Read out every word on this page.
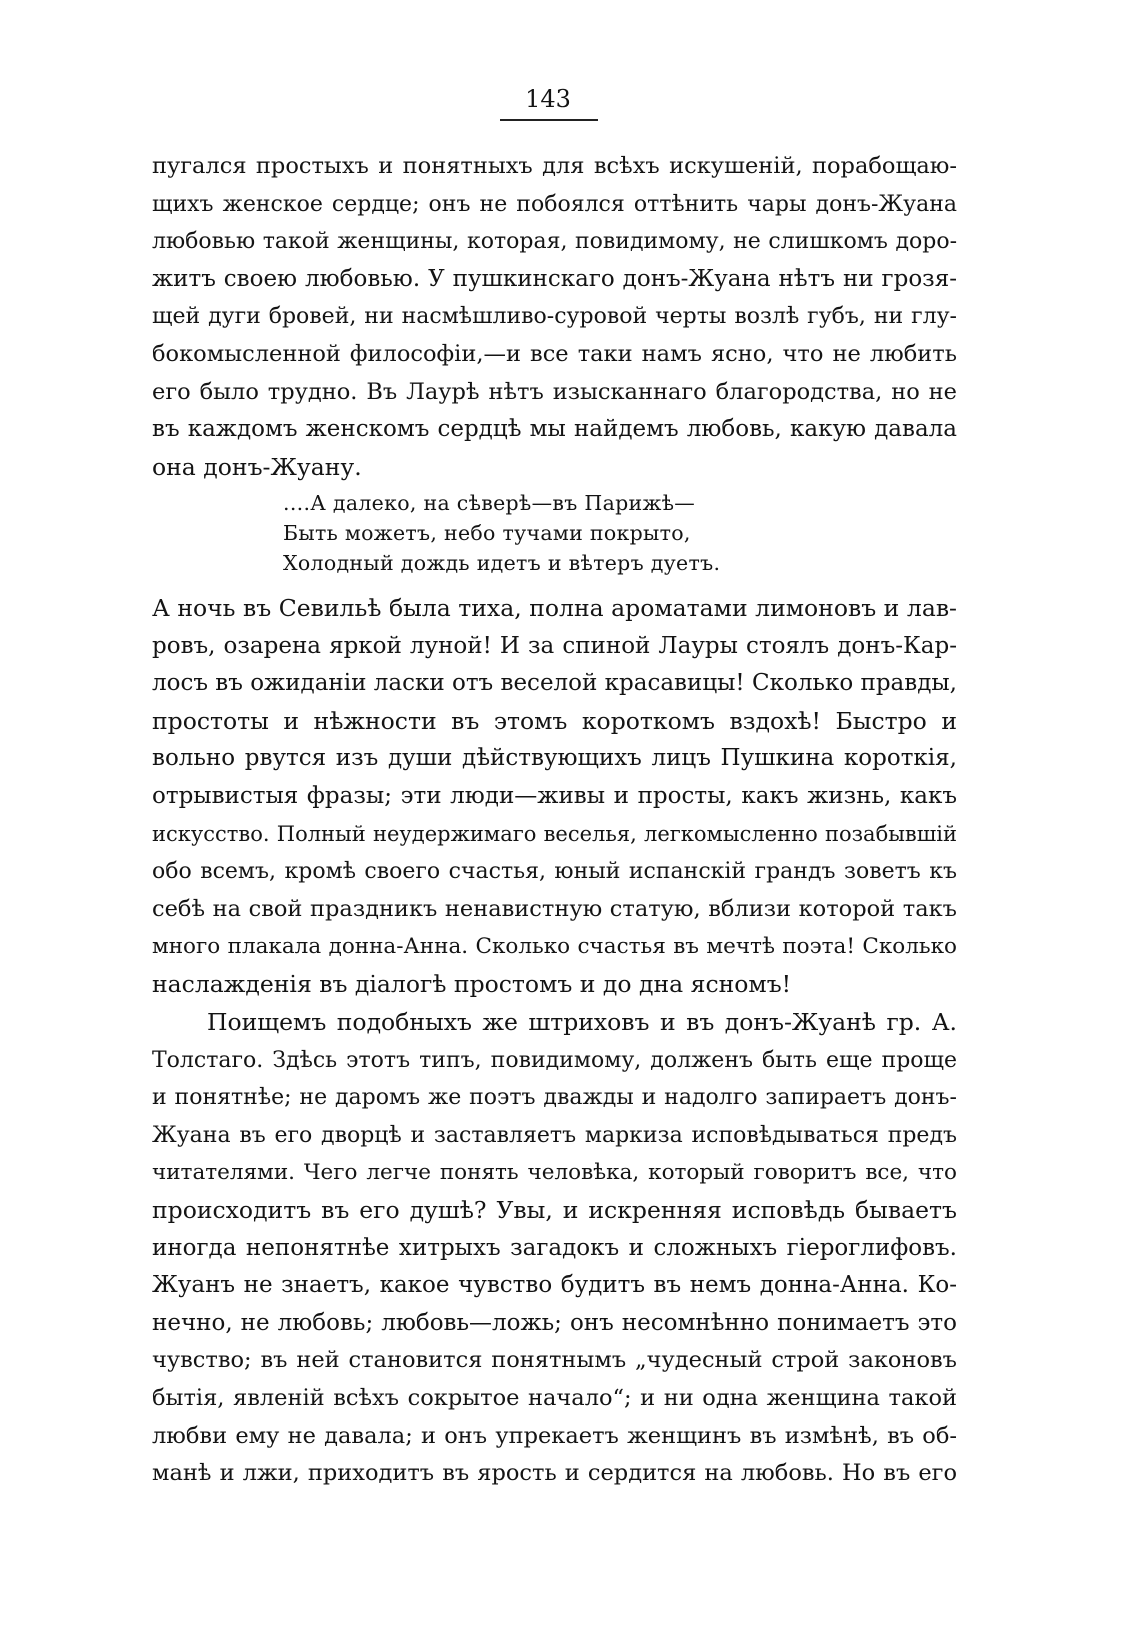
143
пугался простыхъ и понятныхъ для всѣхъ искушеній, порабощаю-
щихъ женское сердце; онъ не побоялся оттѣнить чары донъ-Жуана
любовью такой женщины, которая, повидимому, не слишкомъ доро-
житъ своею любовью. У пушкинскаго донъ-Жуана нѣтъ ни грозя-
щей дуги бровей, ни насмѣшливо-суровой черты возлѣ губъ, ни глу-
бокомысленной философіи,—и все таки намъ ясно, что не любить
его было трудно. Въ Лаурѣ нѣтъ изысканнаго благородства, но не
въ каждомъ женскомъ сердцѣ мы найдемъ любовь, какую давала
она донъ-Жуану.
....А далеко, на сѣверѣ—въ Парижѣ—
Быть можетъ, небо тучами покрыто,
Холодный дождь идетъ и вѣтеръ дуетъ.
А ночь въ Севильѣ была тиха, полна ароматами лимоновъ и лав-
ровъ, озарена яркой луной! И за спиной Лауры стоялъ донъ-Кар-
лосъ въ ожиданіи ласки отъ веселой красавицы! Сколько правды,
простоты и нѣжности въ этомъ короткомъ вздохѣ! Быстро и
вольно рвутся изъ души дѣйствующихъ лицъ Пушкина короткія,
отрывистыя фразы; эти люди—живы и просты, какъ жизнь, какъ
искусство. Полный неудержимаго веселья, легкомысленно позабывшій
обо всемъ, кромѣ своего счастья, юный испанскій грандъ зоветъ къ
себѣ на свой праздникъ ненавистную статую, вблизи которой такъ
много плакала донна-Анна. Сколько счастья въ мечтѣ поэта! Сколько
наслажденія въ діалогѣ простомъ и до дна ясномъ!
Поищемъ подобныхъ же штриховъ и въ донъ-Жуанѣ гр. А.
Толстаго. Здѣсь этотъ типъ, повидимому, долженъ быть еще проще
и понятнѣе; не даромъ же поэтъ дважды и надолго запираетъ донъ-
Жуана въ его дворцѣ и заставляетъ маркиза исповѣдываться предъ
читателями. Чего легче понять человѣка, который говоритъ все, что
происходитъ въ его душѣ? Увы, и искренняя исповѣдь бываетъ
иногда непонятнѣе хитрыхъ загадокъ и сложныхъ гіероглифовъ.
Жуанъ не знаетъ, какое чувство будитъ въ немъ донна-Анна. Ко-
нечно, не любовь; любовь—ложь; онъ несомнѣнно понимаетъ это
чувство; въ ней становится понятнымъ „чудесный строй законовъ
бытія, явленій всѣхъ сокрытое начало“; и ни одна женщина такой
любви ему не давала; и онъ упрекаетъ женщинъ въ измѣнѣ, въ об-
манѣ и лжи, приходитъ въ ярость и сердится на любовь. Но въ его
